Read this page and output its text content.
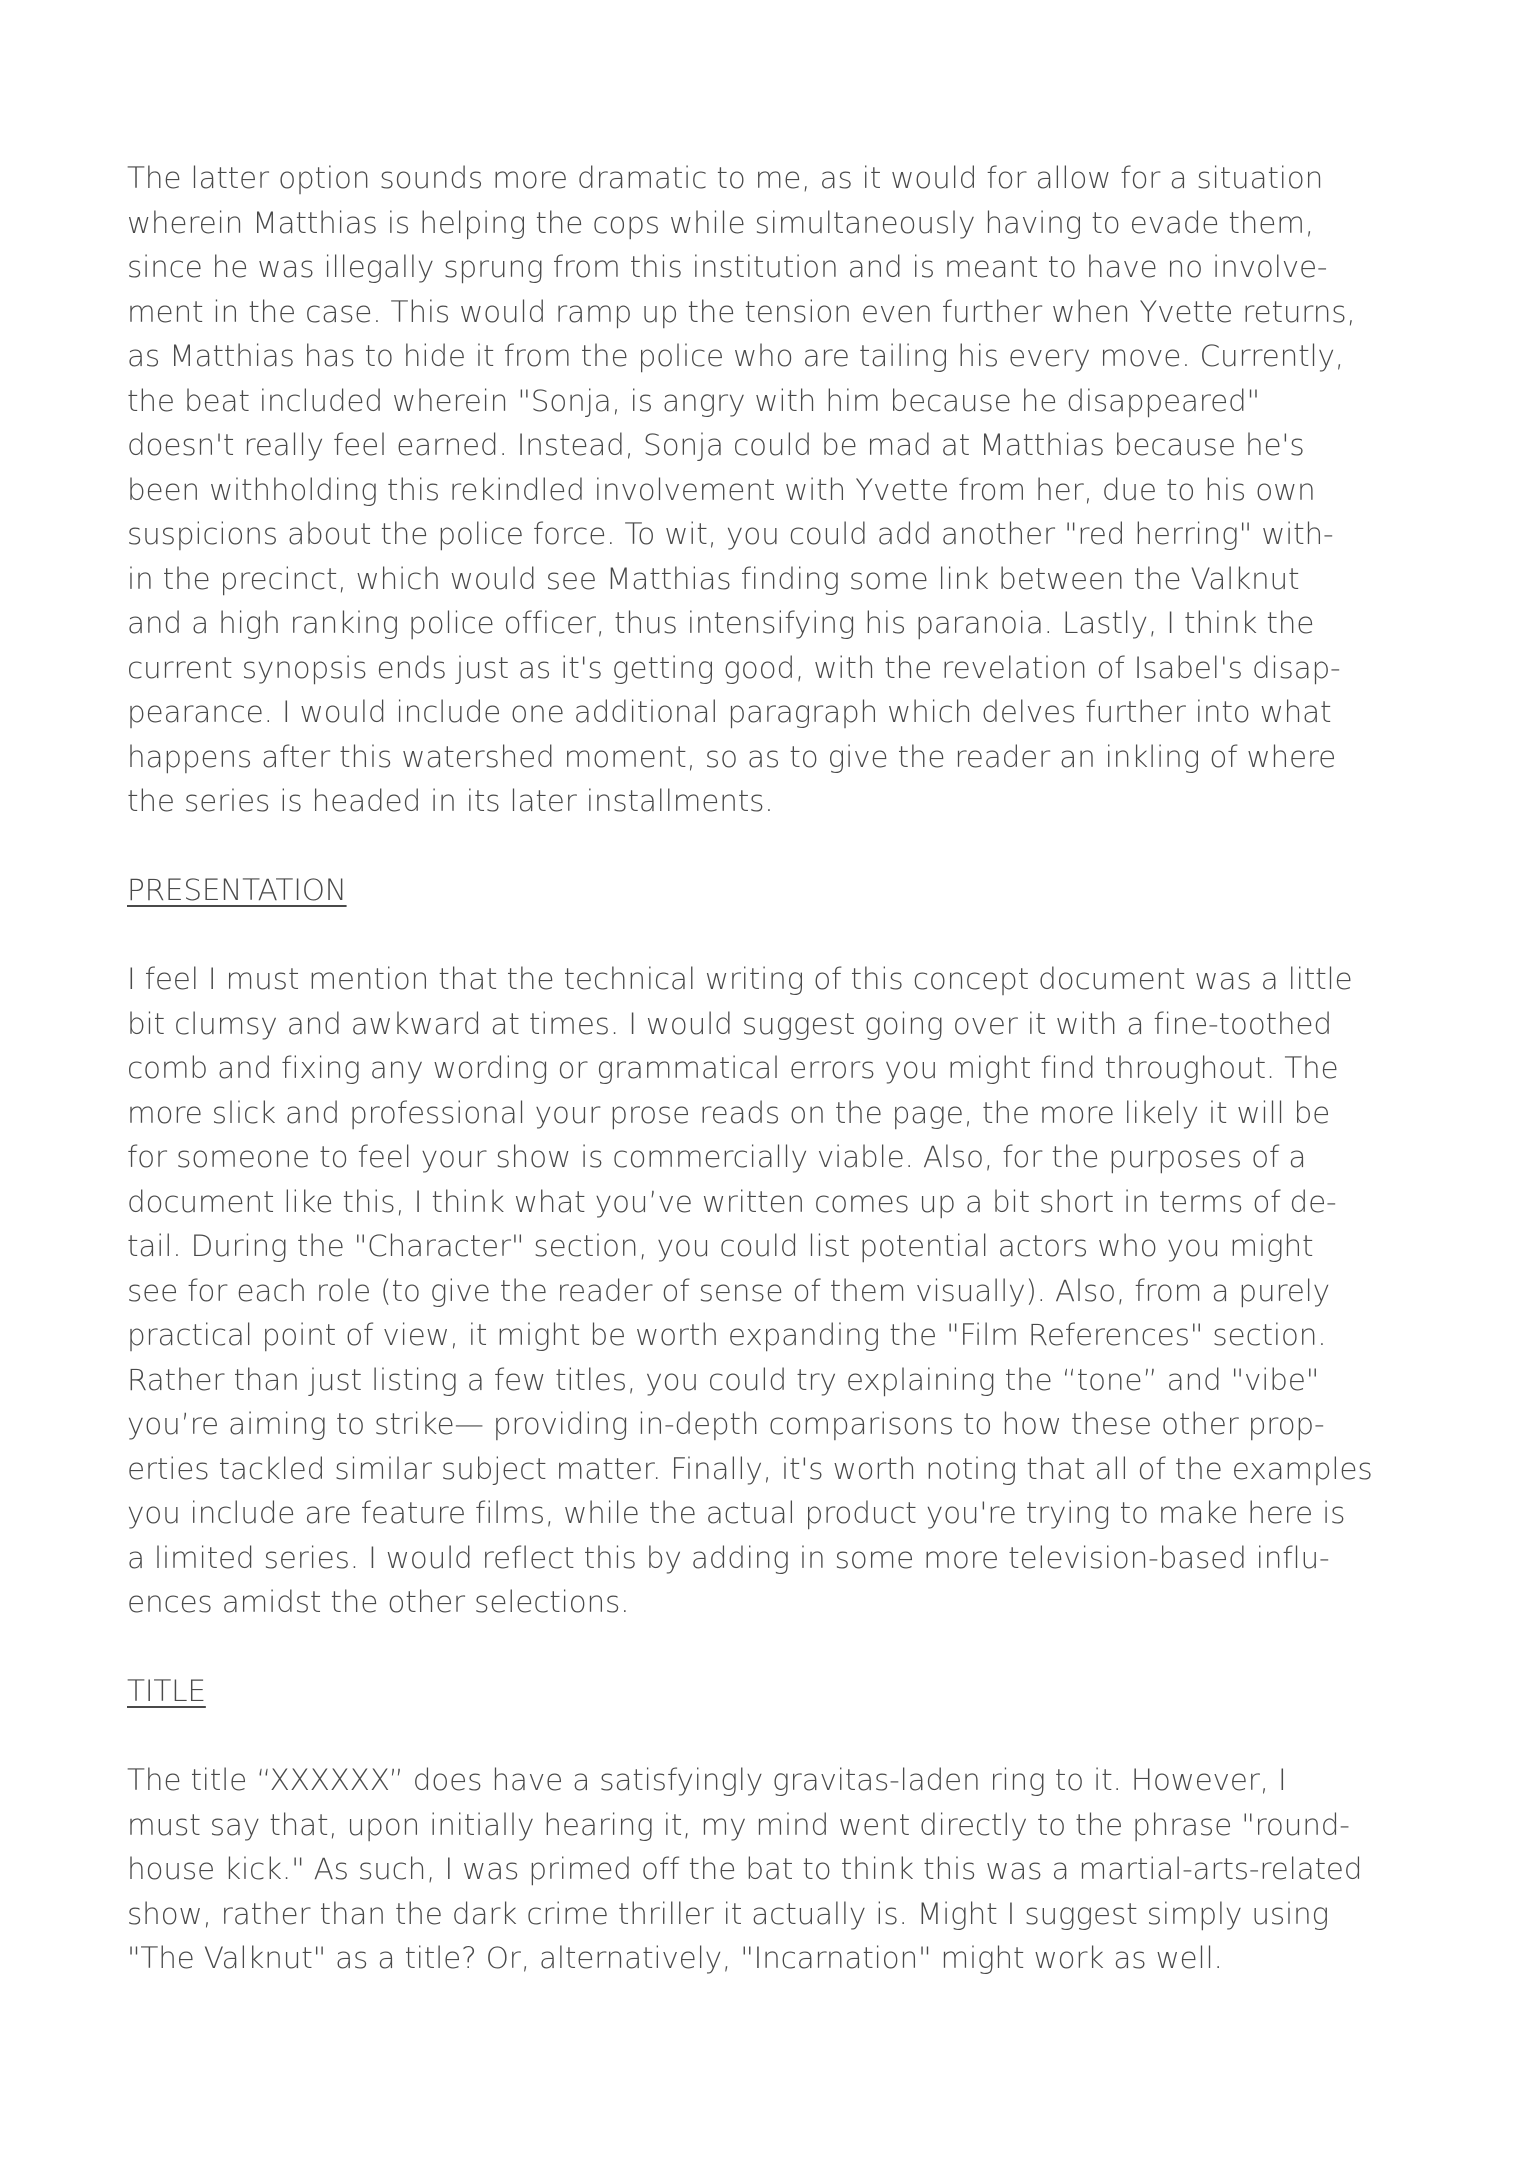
The latter option sounds more dramatic to me, as it would for allow for a situation
wherein Matthias is helping the cops while simultaneously having to evade them,
since he was illegally sprung from this institution and is meant to have no involve-
ment in the case. This would ramp up the tension even further when Yvette returns,
as Matthias has to hide it from the police who are tailing his every move. Currently,
the beat included wherein "Sonja, is angry with him because he disappeared"
doesn't really feel earned. Instead, Sonja could be mad at Matthias because he's
been withholding this rekindled involvement with Yvette from her, due to his own
suspicions about the police force. To wit, you could add another "red herring" with-
in the precinct, which would see Matthias finding some link between the Valknut
and a high ranking police officer, thus intensifying his paranoia. Lastly, I think the
current synopsis ends just as it's getting good, with the revelation of Isabel's disap-
pearance. I would include one additional paragraph which delves further into what
happens after this watershed moment, so as to give the reader an inkling of where
the series is headed in its later installments.

PRESENTATION

I feel I must mention that the technical writing of this concept document was a little
bit clumsy and awkward at times. I would suggest going over it with a fine-toothed
comb and fixing any wording or grammatical errors you might find throughout. The
more slick and professional your prose reads on the page, the more likely it will be
for someone to feel your show is commercially viable. Also, for the purposes of a
document like this, I think what you’ve written comes up a bit short in terms of de-
tail. During the "Character" section, you could list potential actors who you might
see for each role (to give the reader of sense of them visually). Also, from a purely
practical point of view, it might be worth expanding the "Film References" section.
Rather than just listing a few titles, you could try explaining the “tone” and "vibe"
you’re aiming to strike— providing in-depth comparisons to how these other prop-
erties tackled similar subject matter. Finally, it's worth noting that all of the examples
you include are feature films, while the actual product you're trying to make here is
a limited series. I would reflect this by adding in some more television-based influ-
ences amidst the other selections.

TITLE

The title “XXXXXX” does have a satisfyingly gravitas-laden ring to it. However, I
must say that, upon initially hearing it, my mind went directly to the phrase "round-
house kick." As such, I was primed off the bat to think this was a martial-arts-related
show, rather than the dark crime thriller it actually is. Might I suggest simply using
"The Valknut" as a title? Or, alternatively, "Incarnation" might work as well.
